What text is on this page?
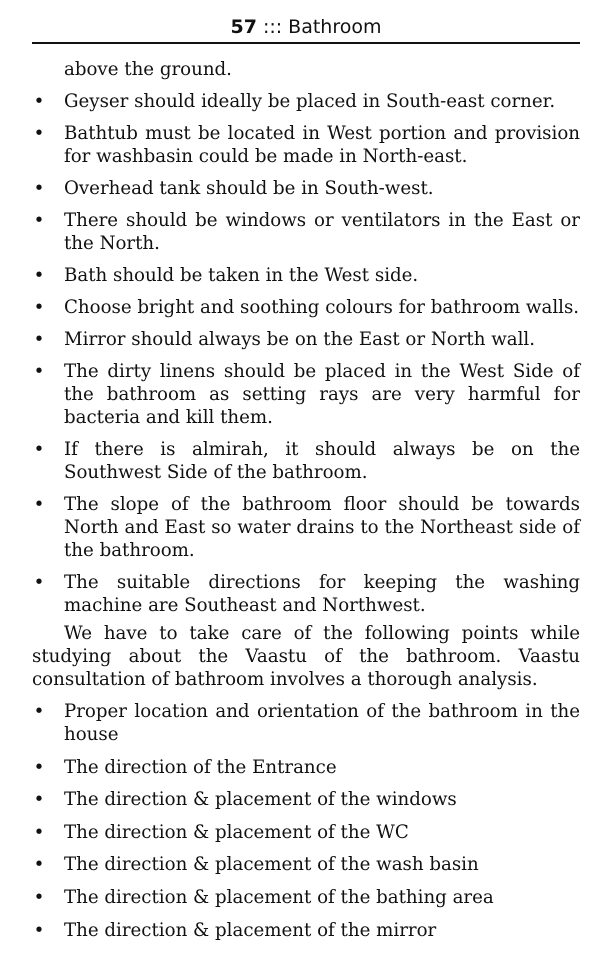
57 ::: Bathroom
above the ground.
• Geyser should ideally be placed in South-east corner.
• Bathtub must be located in West portion and provision for washbasin could be made in North-east.
• Overhead tank should be in South-west.
• There should be windows or ventilators in the East or the North.
• Bath should be taken in the West side.
• Choose bright and soothing colours for bathroom walls.
• Mirror should always be on the East or North wall.
• The dirty linens should be placed in the West Side of the bathroom as setting rays are very harmful for bacteria and kill them.
• If there is almirah, it should always be on the Southwest Side of the bathroom.
• The slope of the bathroom floor should be towards North and East so water drains to the Northeast side of the bathroom.
• The suitable directions for keeping the washing machine are Southeast and Northwest.

We have to take care of the following points while studying about the Vaastu of the bathroom. Vaastu consultation of bathroom involves a thorough analysis.

• Proper location and orientation of the bathroom in the house
• The direction of the Entrance
• The direction & placement of the windows
• The direction & placement of the WC
• The direction & placement of the wash basin
• The direction & placement of the bathing area
• The direction & placement of the mirror
